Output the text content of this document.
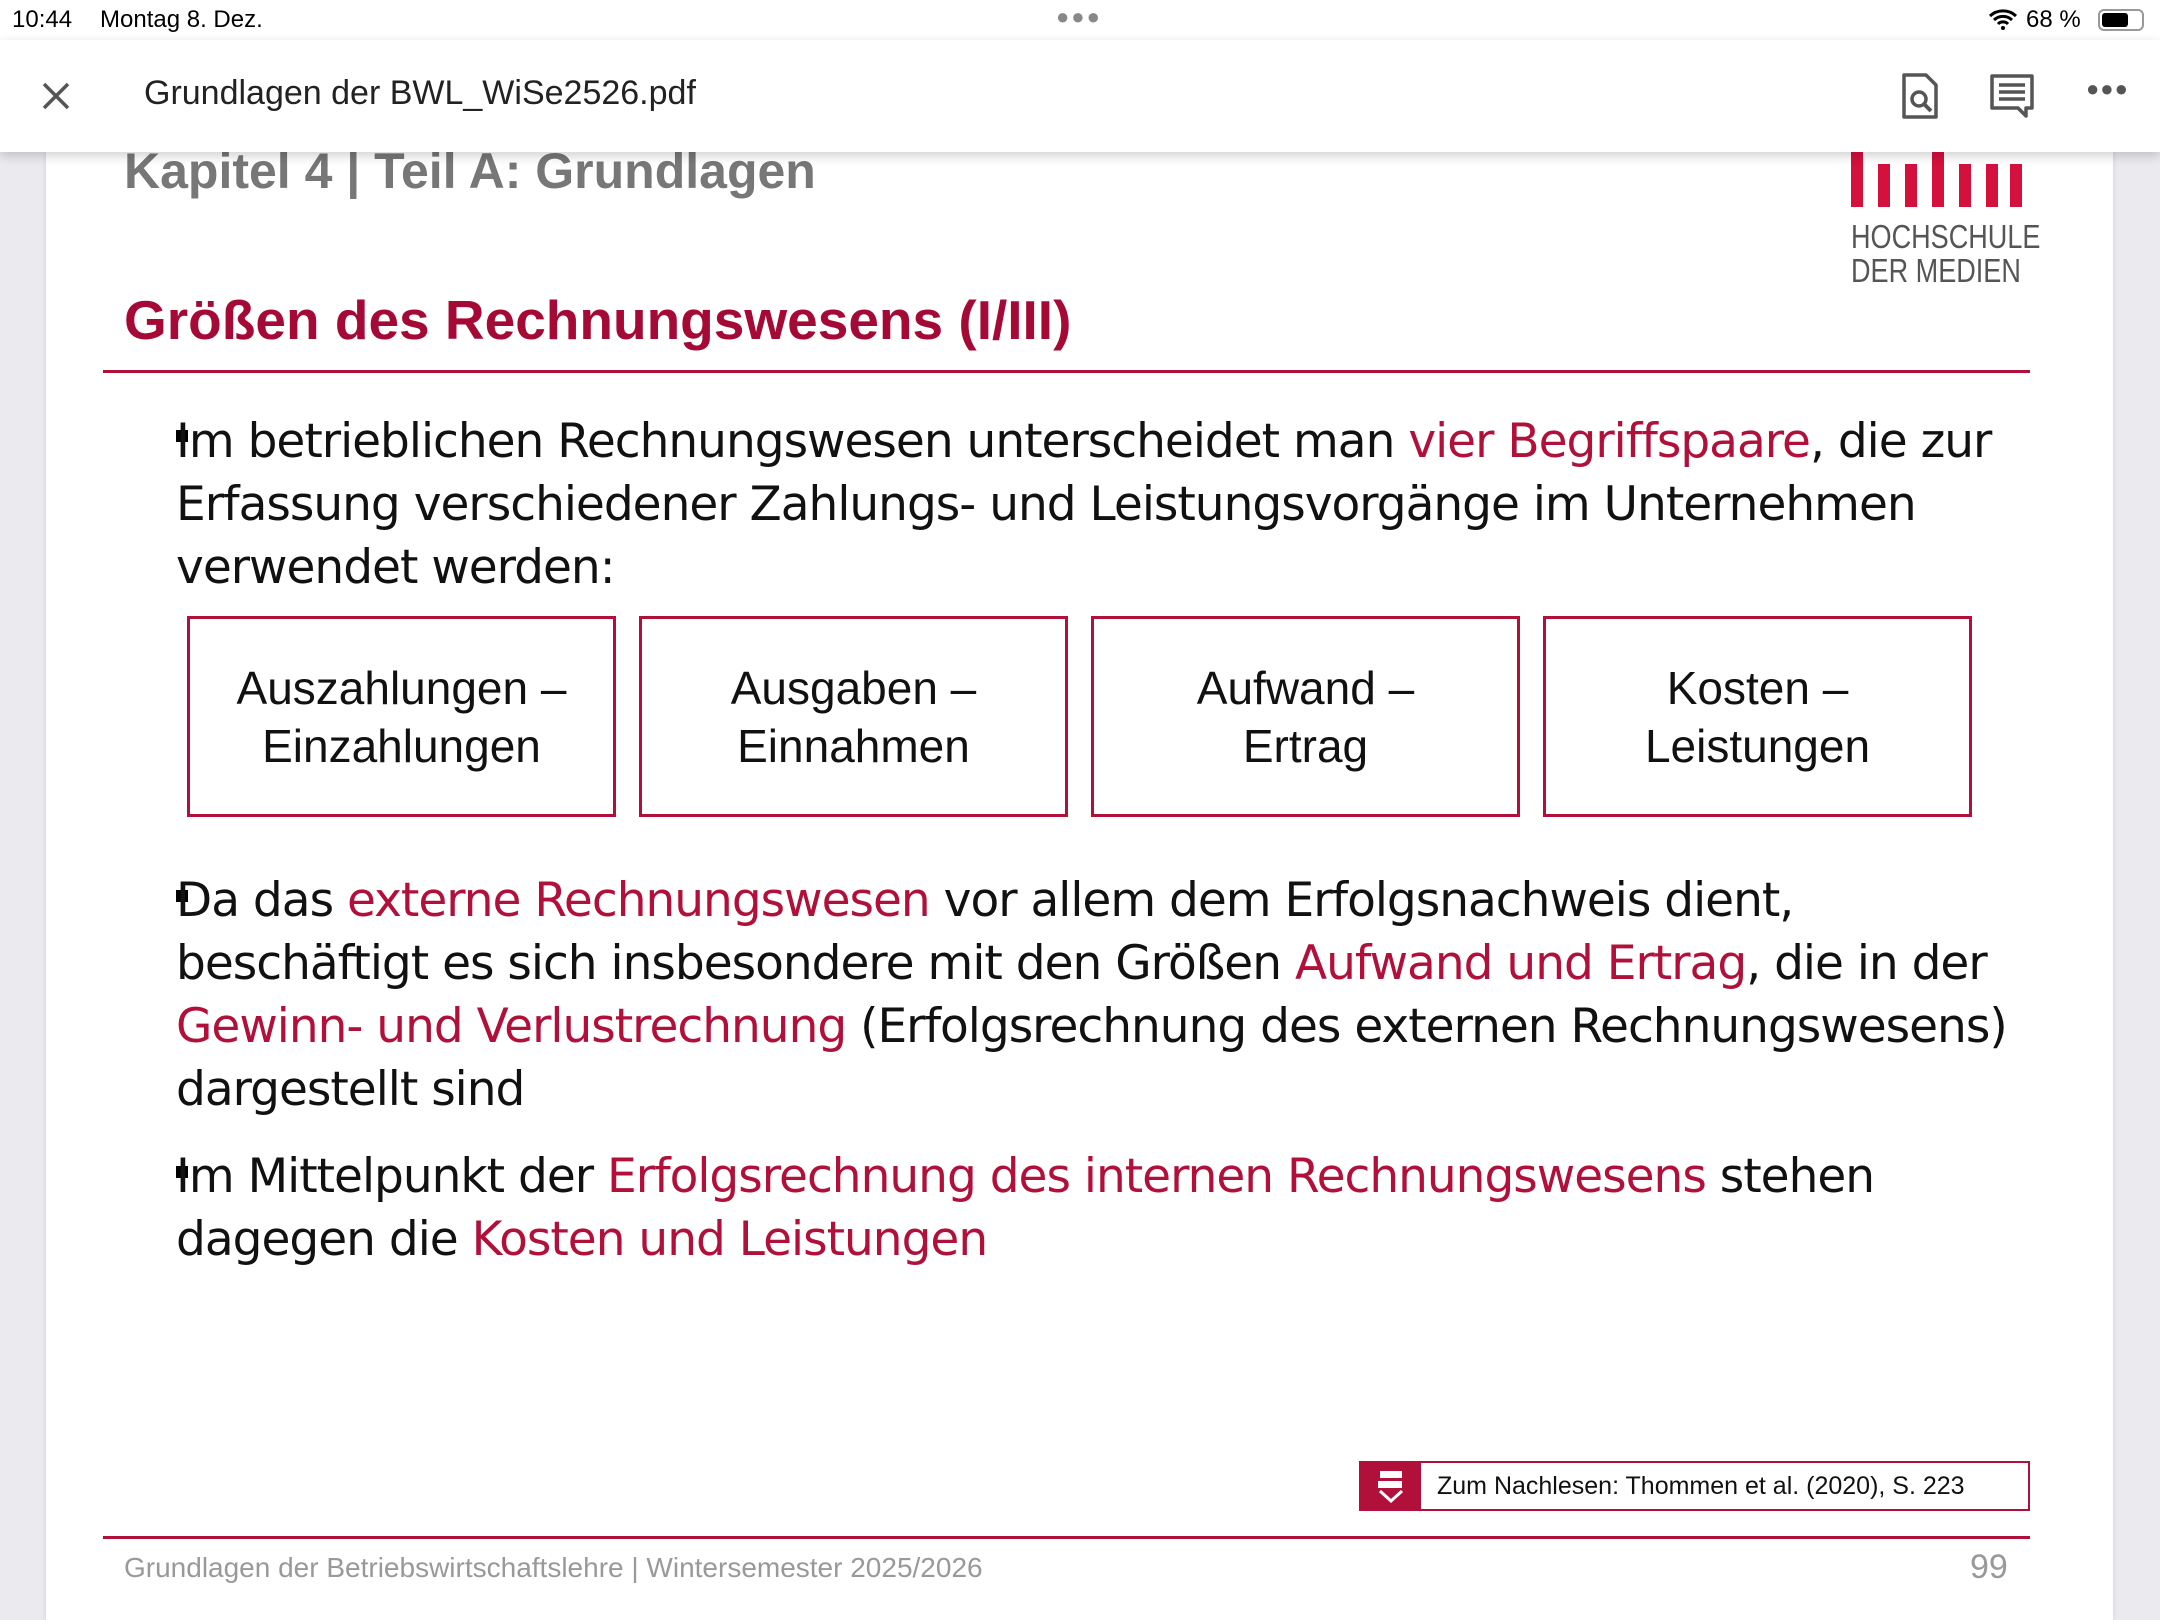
10:44 Montag 8. Dez.	●●●	68 %
Grundlagen der BWL_WiSe2526.pdf	●●●
Kapitel 4 | Teil A: Grundlagen
HOCHSCHULE
DER MEDIEN
Größen des Rechnungswesens (I/III)
Im betrieblichen Rechnungswesen unterscheidet man vier Begriffspaare, die zur Erfassung verschiedener Zahlungs- und Leistungsvorgänge im Unternehmen verwendet werden:
Auszahlungen –
Einzahlungen
Ausgaben –
Einnahmen
Aufwand –
Ertrag
Kosten –
Leistungen
Da das externe Rechnungswesen vor allem dem Erfolgsnachweis dient, beschäftigt es sich insbesondere mit den Größen Aufwand und Ertrag, die in der Gewinn- und Verlustrechnung (Erfolgsrechnung des externen Rechnungswesens) dargestellt sind
Im Mittelpunkt der Erfolgsrechnung des internen Rechnungswesens stehen dagegen die Kosten und Leistungen
Zum Nachlesen: Thommen et al. (2020), S. 223
Grundlagen der Betriebswirtschaftslehre | Wintersemester 2025/2026	99
